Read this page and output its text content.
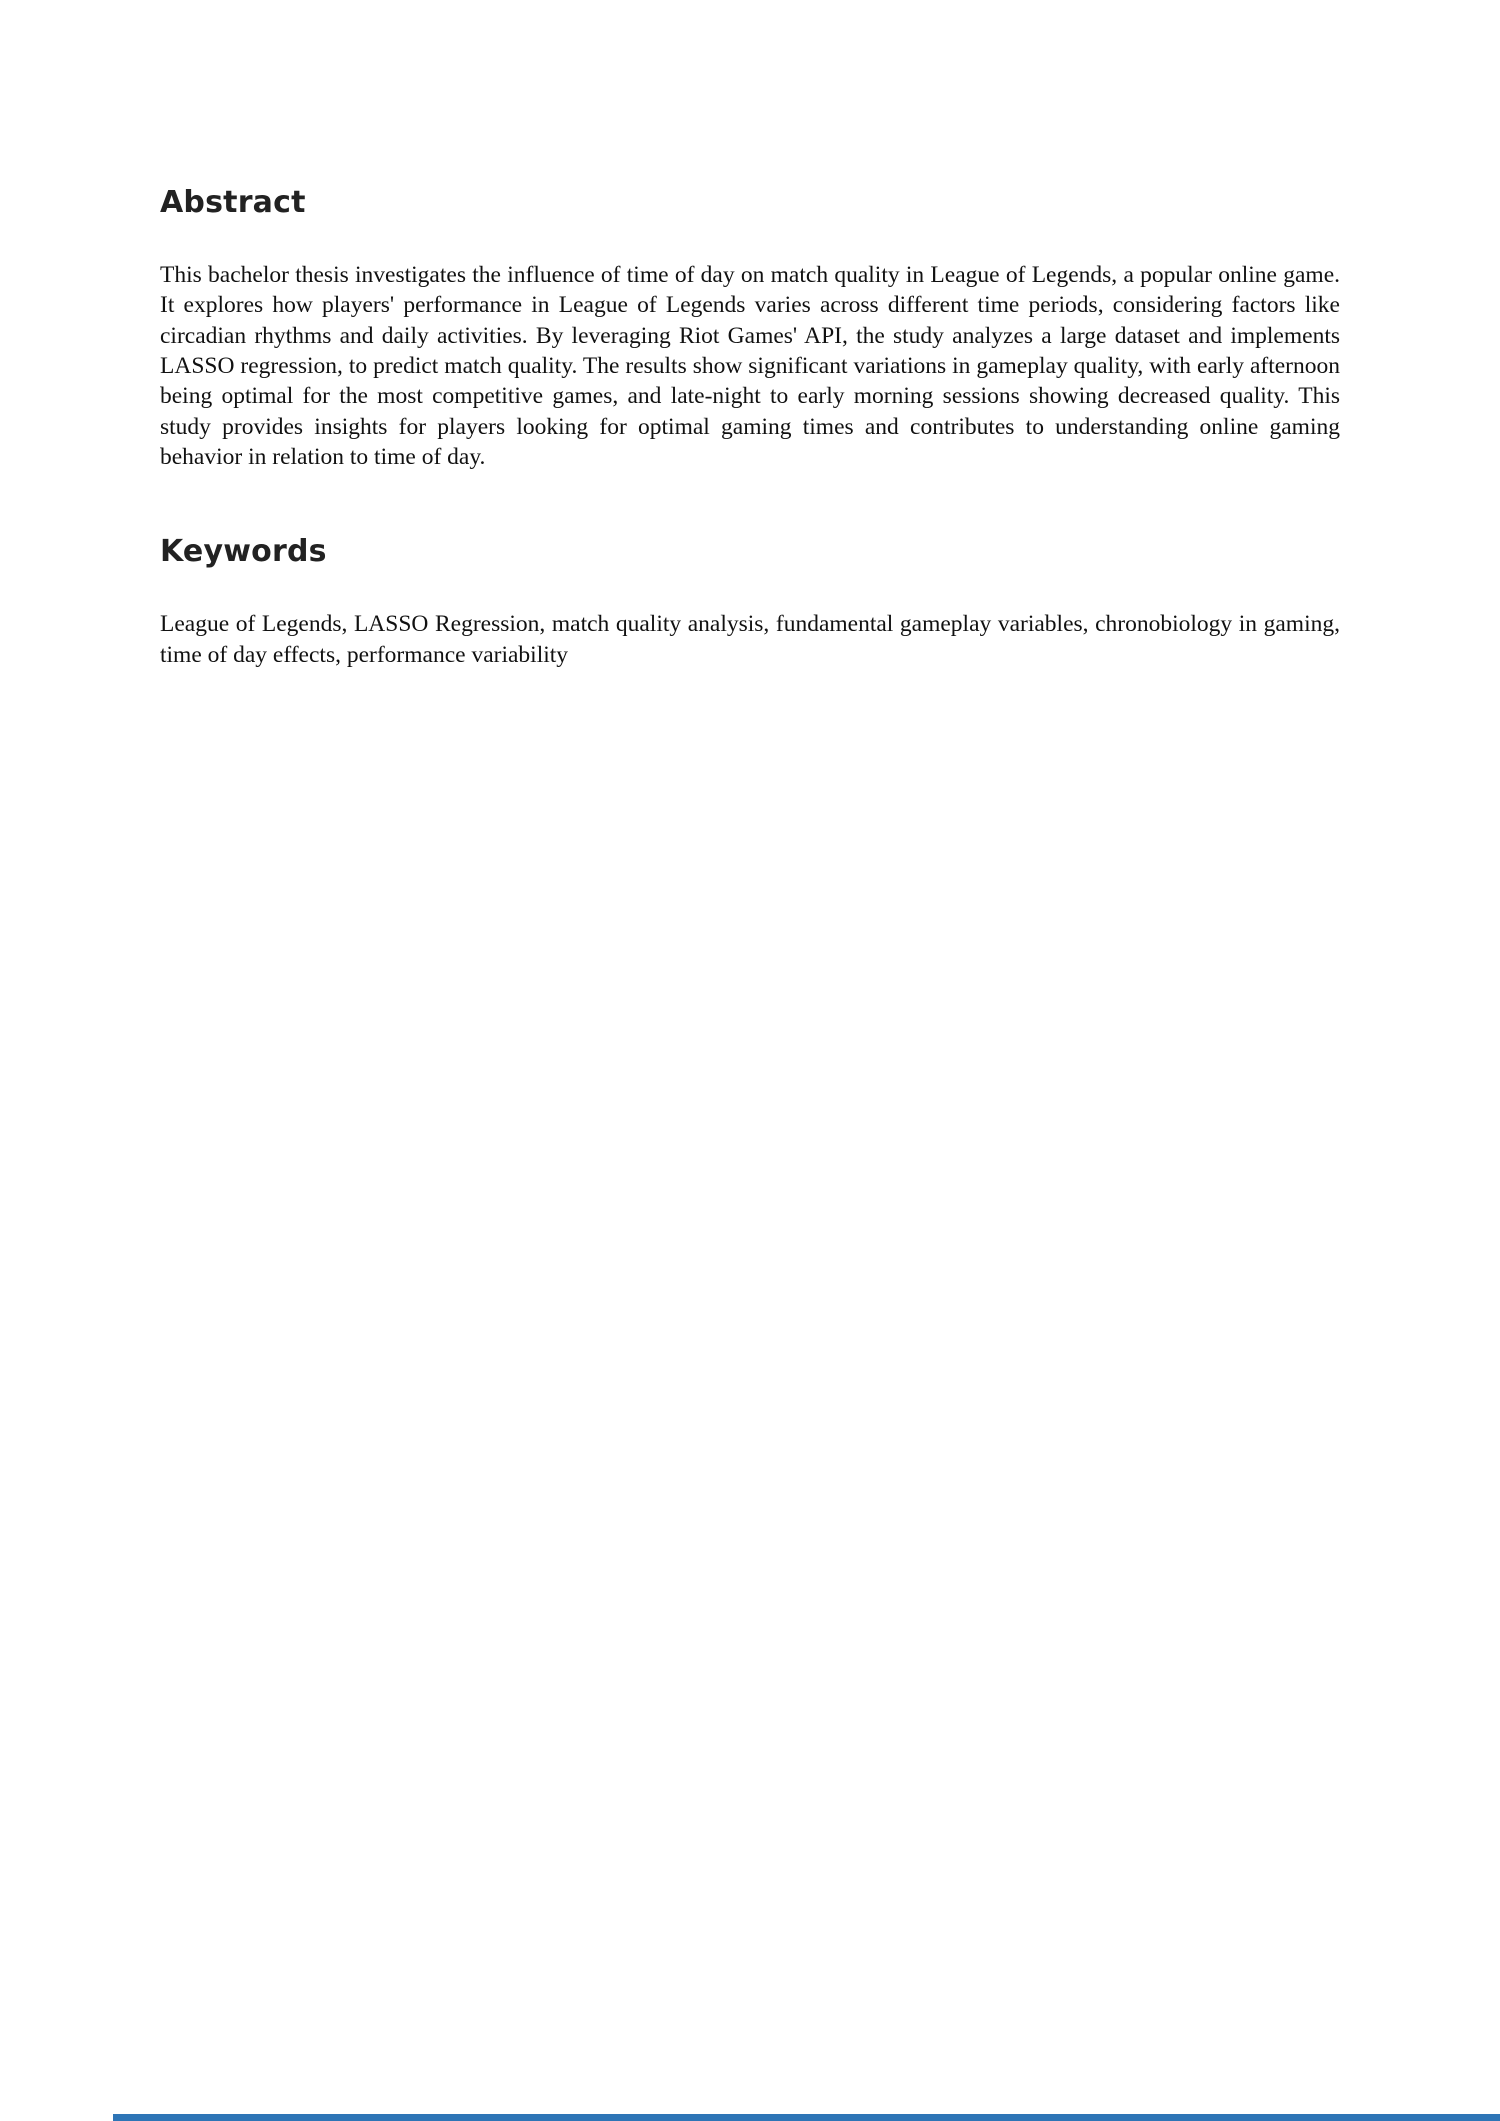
Abstract

This bachelor thesis investigates the influence of time of day on match quality in League of Legends, a popular online game. It explores how players' performance in League of Legends varies across different time periods, considering factors like circadian rhythms and daily activities. By leveraging Riot Games' API, the study analyzes a large dataset and implements LASSO regression, to predict match quality. The results show significant variations in gameplay quality, with early afternoon being optimal for the most competitive games, and late-night to early morning sessions showing decreased quality. This study provides insights for players looking for optimal gaming times and contributes to understanding online gaming behavior in relation to time of day.

Keywords

League of Legends, LASSO Regression, match quality analysis, fundamental gameplay variables, chronobiology in gaming, time of day effects, performance variability
